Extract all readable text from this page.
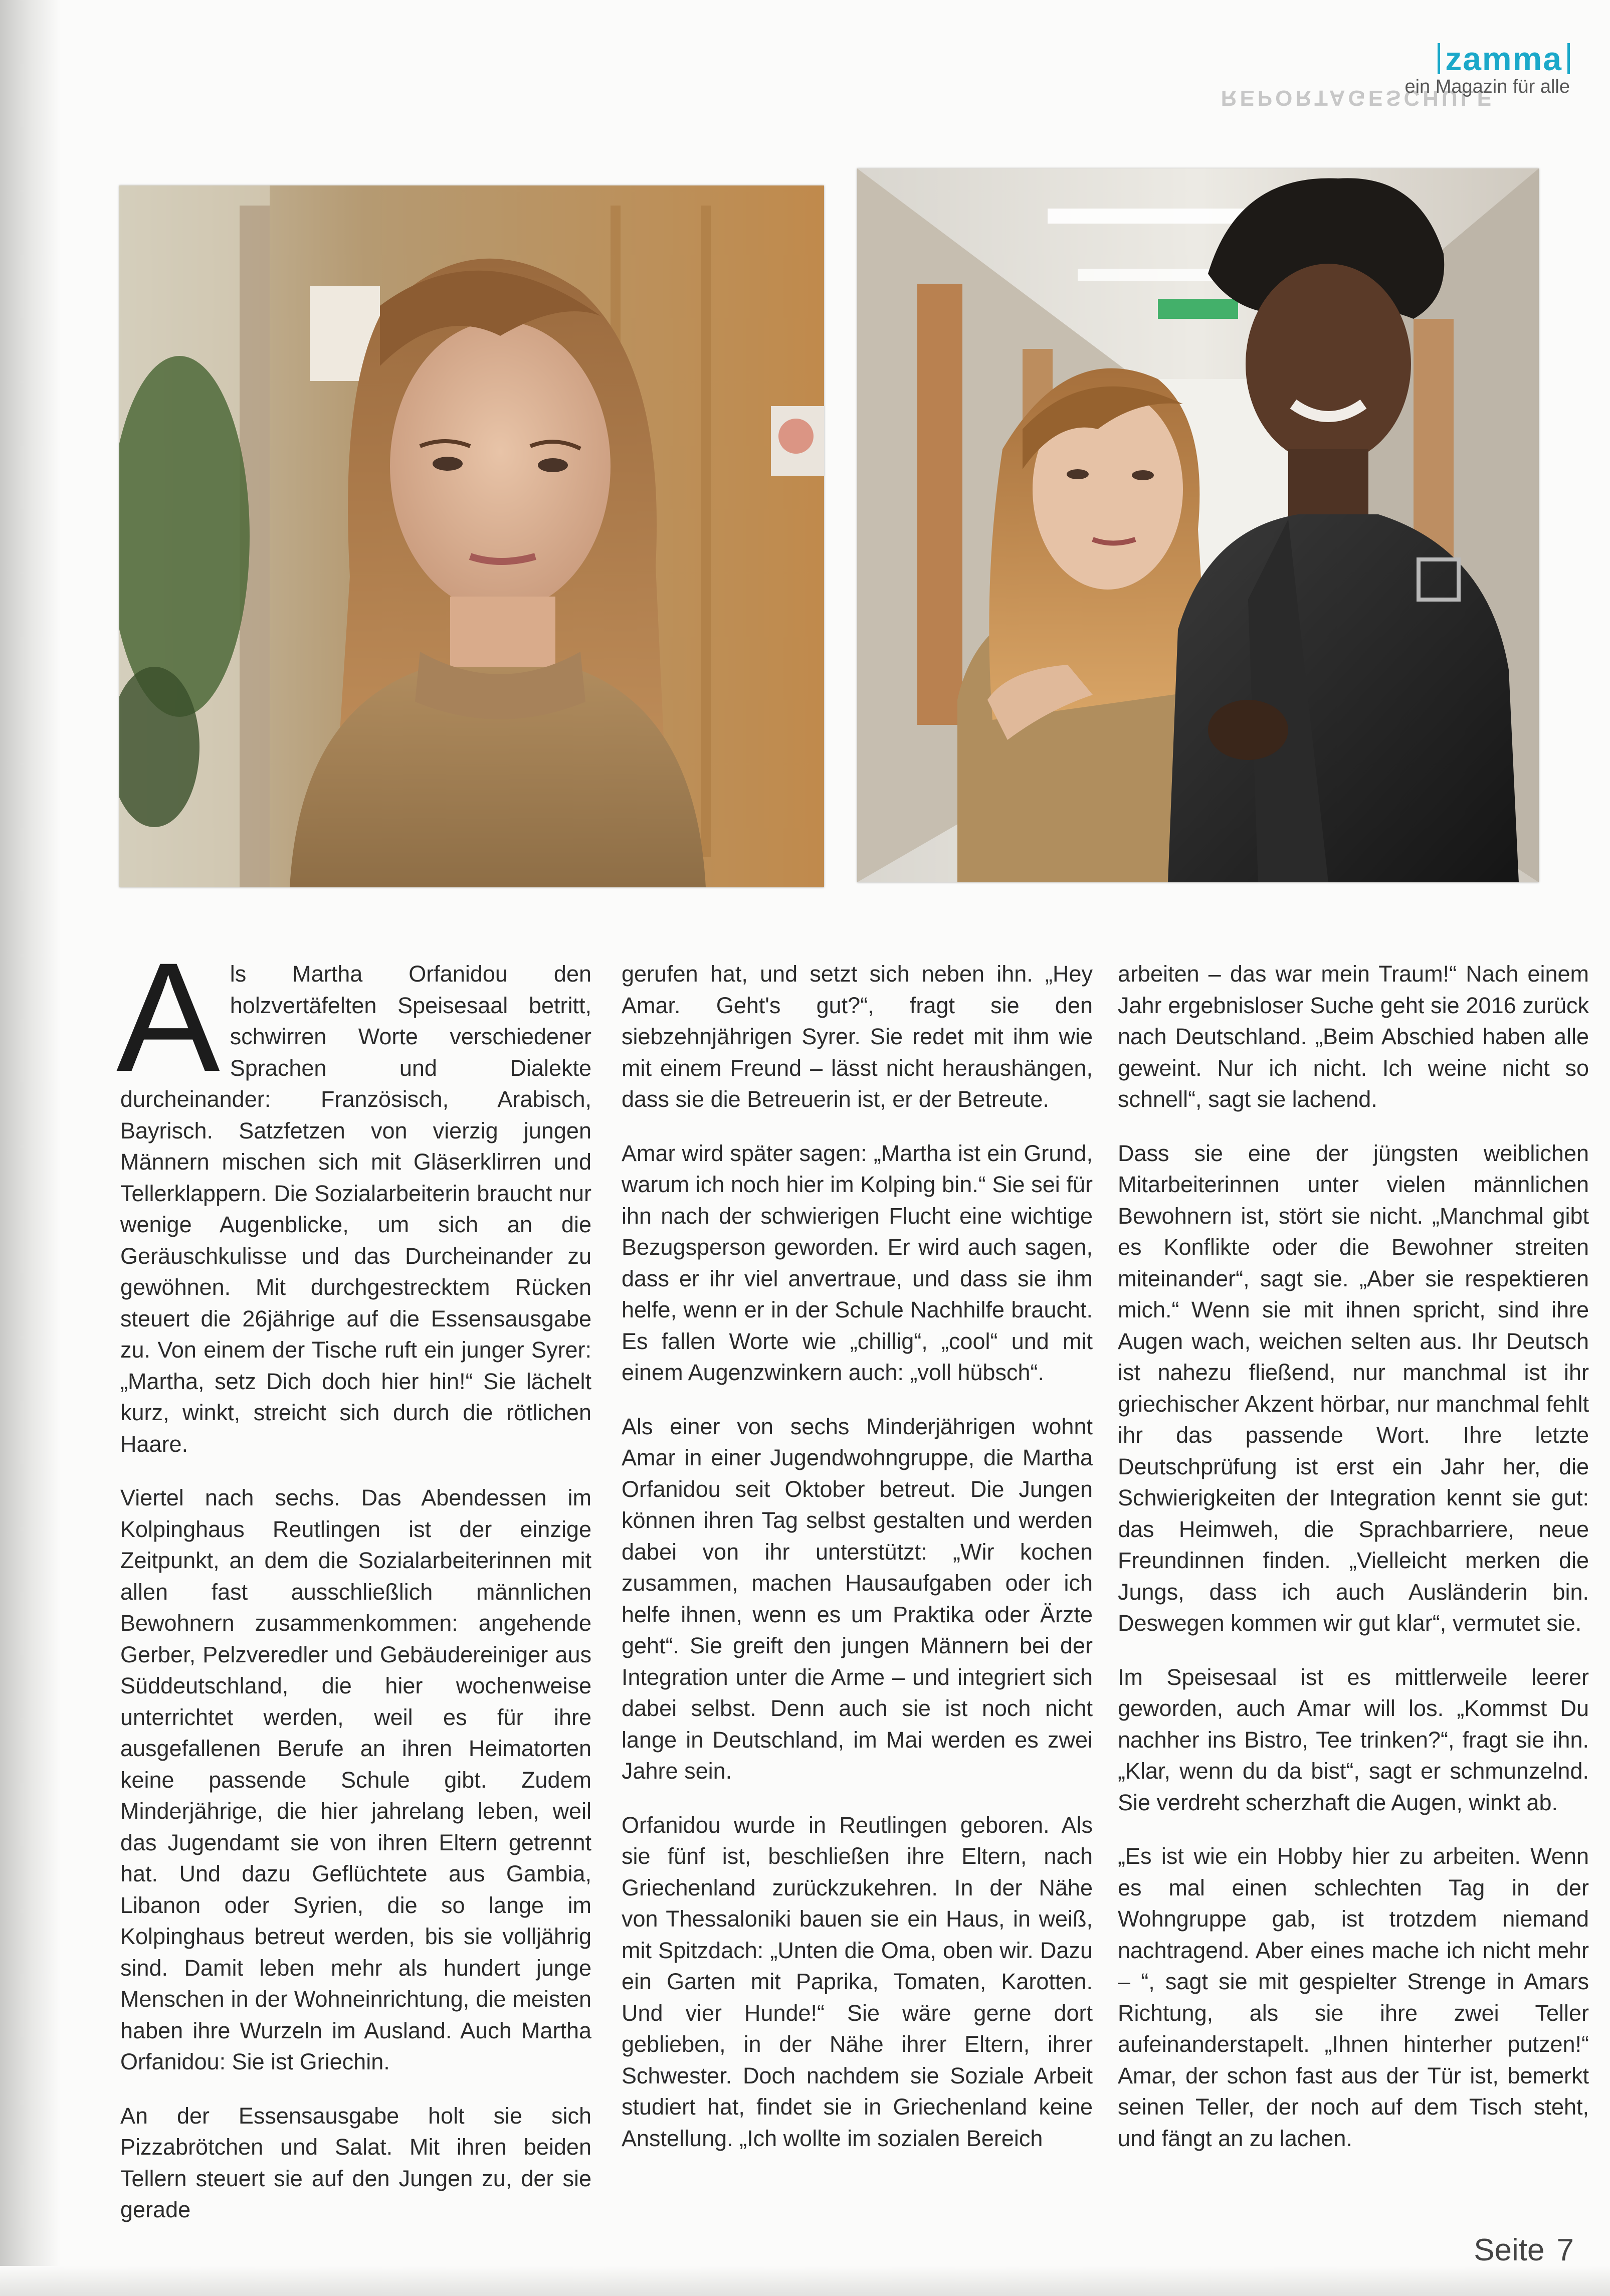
REPORTAGESCHULE
zamma
ein Magazin für alle

Als Martha Orfanidou den holzvertäfelten Speisesaal betritt, schwirren Worte verschiedener Sprachen und Dialekte durcheinander: Französisch, Arabisch, Bayrisch. Satzfetzen von vierzig jungen Männern mischen sich mit Gläserklirren und Tellerklappern. Die Sozialarbeiterin braucht nur wenige Augenblicke, um sich an die Geräuschkulisse und das Durcheinander zu gewöhnen. Mit durchgestrecktem Rücken steuert die 26jährige auf die Essensausgabe zu. Von einem der Tische ruft ein junger Syrer: „Martha, setz Dich doch hier hin!“ Sie lächelt kurz, winkt, streicht sich durch die rötlichen Haare.

Viertel nach sechs. Das Abendessen im Kolpinghaus Reutlingen ist der einzige Zeitpunkt, an dem die Sozialarbeiterinnen mit allen fast ausschließlich männlichen Bewohnern zusammenkommen: angehende Gerber, Pelzveredler und Gebäudereiniger aus Süddeutschland, die hier wochenweise unterrichtet werden, weil es für ihre ausgefallenen Berufe an ihren Heimatorten keine passende Schule gibt. Zudem Minderjährige, die hier jahrelang leben, weil das Jugendamt sie von ihren Eltern getrennt hat. Und dazu Geflüchtete aus Gambia, Libanon oder Syrien, die so lange im Kolpinghaus betreut werden, bis sie volljährig sind. Damit leben mehr als hundert junge Menschen in der Wohneinrichtung, die meisten haben ihre Wurzeln im Ausland. Auch Martha Orfanidou: Sie ist Griechin.

An der Essensausgabe holt sie sich Pizzabrötchen und Salat. Mit ihren beiden Tellern steuert sie auf den Jungen zu, der sie gerade

gerufen hat, und setzt sich neben ihn. „Hey Amar. Geht's gut?“, fragt sie den siebzehnjährigen Syrer. Sie redet mit ihm wie mit einem Freund – lässt nicht heraushängen, dass sie die Betreuerin ist, er der Betreute.

Amar wird später sagen: „Martha ist ein Grund, warum ich noch hier im Kolping bin.“ Sie sei für ihn nach der schwierigen Flucht eine wichtige Bezugsperson geworden. Er wird auch sagen, dass er ihr viel anvertraue, und dass sie ihm helfe, wenn er in der Schule Nachhilfe braucht. Es fallen Worte wie „chillig“, „cool“ und mit einem Augenzwinkern auch: „voll hübsch“.

Als einer von sechs Minderjährigen wohnt Amar in einer Jugendwohngruppe, die Martha Orfanidou seit Oktober betreut. Die Jungen können ihren Tag selbst gestalten und werden dabei von ihr unterstützt: „Wir kochen zusammen, machen Hausaufgaben oder ich helfe ihnen, wenn es um Praktika oder Ärzte geht“. Sie greift den jungen Männern bei der Integration unter die Arme – und integriert sich dabei selbst. Denn auch sie ist noch nicht lange in Deutschland, im Mai werden es zwei Jahre sein.

Orfanidou wurde in Reutlingen geboren. Als sie fünf ist, beschließen ihre Eltern, nach Griechenland zurückzukehren. In der Nähe von Thessaloniki bauen sie ein Haus, in weiß, mit Spitzdach: „Unten die Oma, oben wir. Dazu ein Garten mit Paprika, Tomaten, Karotten. Und vier Hunde!“ Sie wäre gerne dort geblieben, in der Nähe ihrer Eltern, ihrer Schwester. Doch nachdem sie Soziale Arbeit studiert hat, findet sie in Griechenland keine Anstellung. „Ich wollte im sozialen Bereich

arbeiten – das war mein Traum!“ Nach einem Jahr ergebnisloser Suche geht sie 2016 zurück nach Deutschland. „Beim Abschied haben alle geweint. Nur ich nicht. Ich weine nicht so schnell“, sagt sie lachend.

Dass sie eine der jüngsten weiblichen Mitarbeiterinnen unter vielen männlichen Bewohnern ist, stört sie nicht. „Manchmal gibt es Konflikte oder die Bewohner streiten miteinander“, sagt sie. „Aber sie respektieren mich.“ Wenn sie mit ihnen spricht, sind ihre Augen wach, weichen selten aus. Ihr Deutsch ist nahezu fließend, nur manchmal ist ihr griechischer Akzent hörbar, nur manchmal fehlt ihr das passende Wort. Ihre letzte Deutschprüfung ist erst ein Jahr her, die Schwierigkeiten der Integration kennt sie gut: das Heimweh, die Sprachbarriere, neue Freundinnen finden. „Vielleicht merken die Jungs, dass ich auch Ausländerin bin. Deswegen kommen wir gut klar“, vermutet sie.

Im Speisesaal ist es mittlerweile leerer geworden, auch Amar will los. „Kommst Du nachher ins Bistro, Tee trinken?“, fragt sie ihn. „Klar, wenn du da bist“, sagt er schmunzelnd. Sie verdreht scherzhaft die Augen, winkt ab.

„Es ist wie ein Hobby hier zu arbeiten. Wenn es mal einen schlechten Tag in der Wohngruppe gab, ist trotzdem niemand nachtragend. Aber eines mache ich nicht mehr – “, sagt sie mit gespielter Strenge in Amars Richtung, als sie ihre zwei Teller aufeinanderstapelt. „Ihnen hinterher putzen!“ Amar, der schon fast aus der Tür ist, bemerkt seinen Teller, der noch auf dem Tisch steht, und fängt an zu lachen.

Seite 7
